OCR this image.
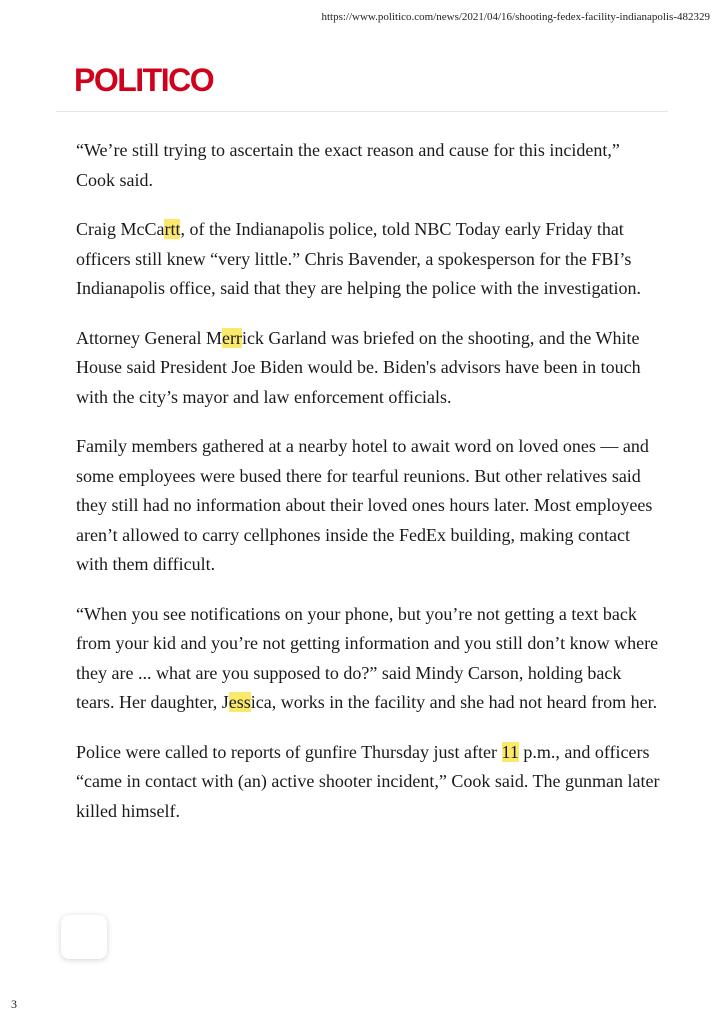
https://www.politico.com/news/2021/04/16/shooting-fedex-facility-indianapolis-482329
POLITICO

“We’re still trying to ascertain the exact reason and cause for this incident,” Cook said.

Craig McCartt, of the Indianapolis police, told NBC Today early Friday that officers still knew “very little.” Chris Bavender, a spokesperson for the FBI’s Indianapolis office, said that they are helping the police with the investigation.

Attorney General Merrick Garland was briefed on the shooting, and the White House said President Joe Biden would be. Biden's advisors have been in touch with the city’s mayor and law enforcement officials.

Family members gathered at a nearby hotel to await word on loved ones — and some employees were bused there for tearful reunions. But other relatives said they still had no information about their loved ones hours later. Most employees aren’t allowed to carry cellphones inside the FedEx building, making contact with them difficult.

“When you see notifications on your phone, but you’re not getting a text back from your kid and you’re not getting information and you still don’t know where they are ... what are you supposed to do?” said Mindy Carson, holding back tears. Her daughter, Jessica, works in the facility and she had not heard from her.

Police were called to reports of gunfire Thursday just after 11 p.m., and officers “came in contact with (an) active shooter incident,” Cook said. The gunman later killed himself.

3
